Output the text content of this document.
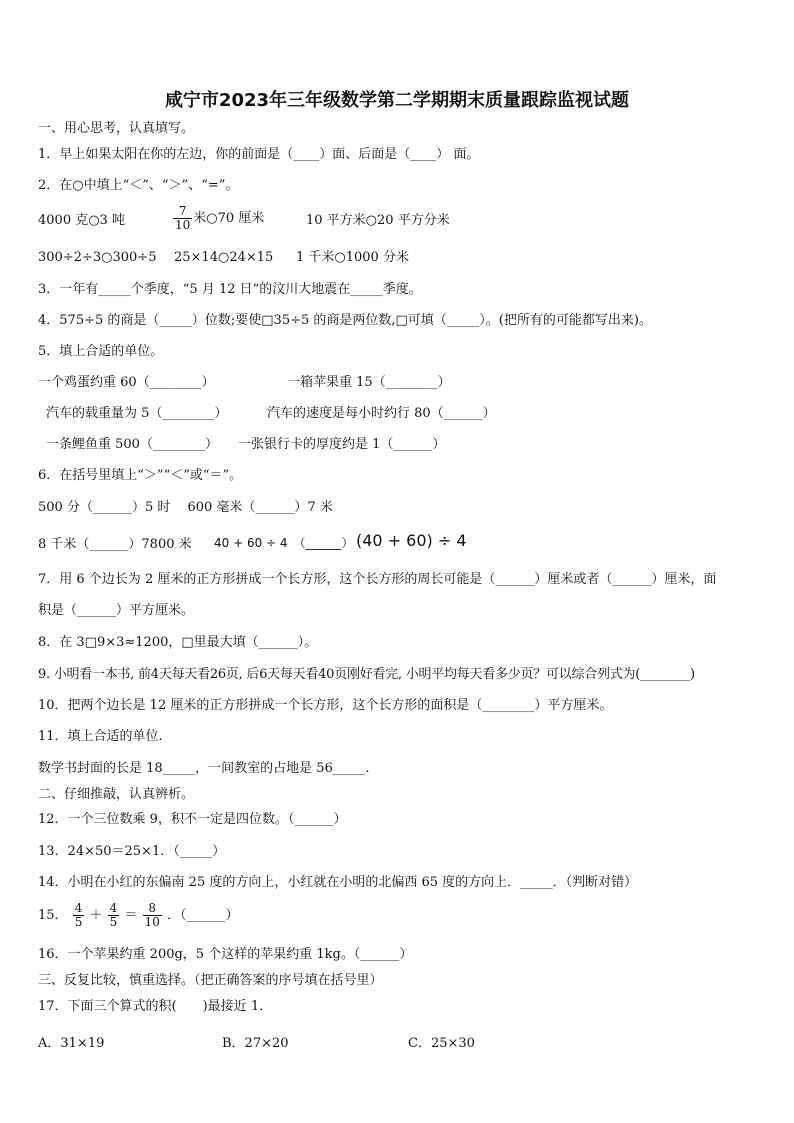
咸宁市2023年三年级数学第二学期期末质量跟踪监视试题
一、用心思考，认真填写。
1．早上如果太阳在你的左边，你的前面是（____）面、后面是（____） 面。
2．在○中填上“＜”、“＞”、“=”。
4000 克○3 吨	$\frac{7}{10}$ 米○70 厘米	10 平方米○20 平方分米
300÷2÷3○300÷5 25×14○24×15 1 千米○1000 分米
3．一年有_____个季度，“5 月 12 日”的汶川大地震在_____季度。
4．575÷5 的商是（_____）位数;要使□35÷5 的商是两位数,□可填（_____）。(把所有的可能都写出来)。
5．填上合适的单位。
一个鸡蛋约重 60（________）	一箱苹果重 15（________）
汽车的载重量为 5（________）	汽车的速度是每小时约行 80（______）
一条鲤鱼重 500（________） 一张银行卡的厚度约是 1（______）
6．在括号里填上“＞”“＜”或“＝”。
500 分（______）5 时　 600 毫米（______）7 米
8 千米（______）7800 米 40 + 60 ÷ 4　（______） (40 + 60) ÷ 4
7．用 6 个边长为 2 厘米的正方形拼成一个长方形，这个长方形的周长可能是（______）厘米或者（______）厘米，面
积是（______）平方厘米。
8．在 3□9×3≈1200，□里最大填（______）。
9. 小明看一本书, 前4天每天看26页, 后6天每天看40页刚好看完, 小明平均每天看多少页？可以综合列式为(________)
10．把两个边长是 12 厘米的正方形拼成一个长方形，这个长方形的面积是（________）平方厘米。
11．填上合适的单位.
数学书封面的长是 18_____，一间教室的占地是 56_____.
二、仔细推敲，认真辨析。
12．一个三位数乘 9，积不一定是四位数。（______）
13．24×50＝25×1．（_____）
14．小明在小红的东偏南 25 度的方向上，小红就在小明的北偏西 65 度的方向上．_____．（判断对错）
15． $\frac{4}{5} + \frac{4}{5} = \frac{8}{10}$ ．（______）
16．一个苹果约重 200g，5 个这样的苹果约重 1kg。（______）
三、反复比较，慎重选择。（把正确答案的序号填在括号里）
17．下面三个算式的积(　　)最接近 1．
A．31×19	B．27×20	C．25×30
